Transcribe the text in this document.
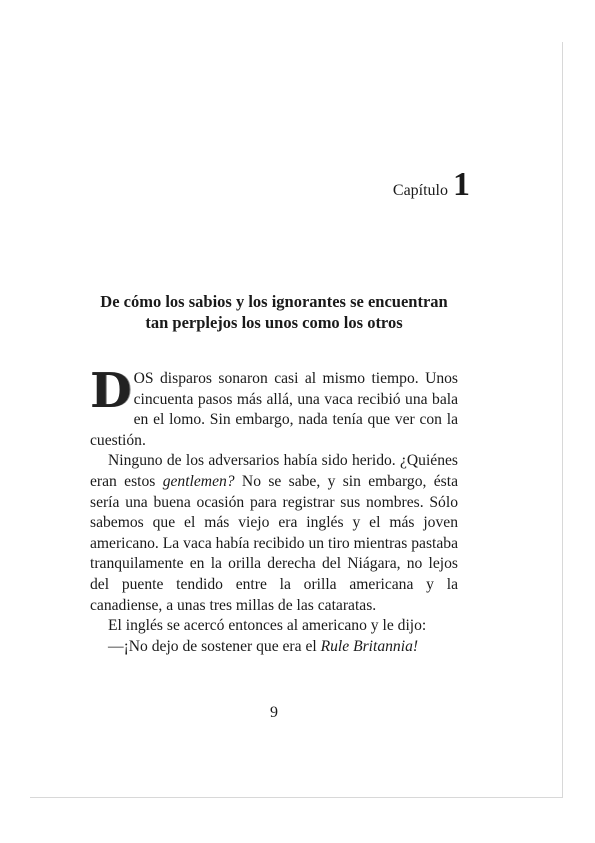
Capítulo 1
De cómo los sabios y los ignorantes se encuentran tan perplejos los unos como los otros

DOS disparos sonaron casi al mismo tiempo. Unos cincuenta pasos más allá, una vaca recibió una bala en el lomo. Sin embargo, nada tenía que ver con la cuestión.

Ninguno de los adversarios había sido herido. ¿Quiénes eran estos gentlemen? No se sabe, y sin embargo, ésta sería una buena ocasión para registrar sus nombres. Sólo sabemos que el más viejo era inglés y el más joven americano. La vaca había recibido un tiro mientras pastaba tranquilamente en la orilla derecha del Niágara, no lejos del puente tendido entre la orilla americana y la canadiense, a unas tres millas de las cataratas.

El inglés se acercó entonces al americano y le dijo:

—¡No dejo de sostener que era el Rule Britannia!

9
